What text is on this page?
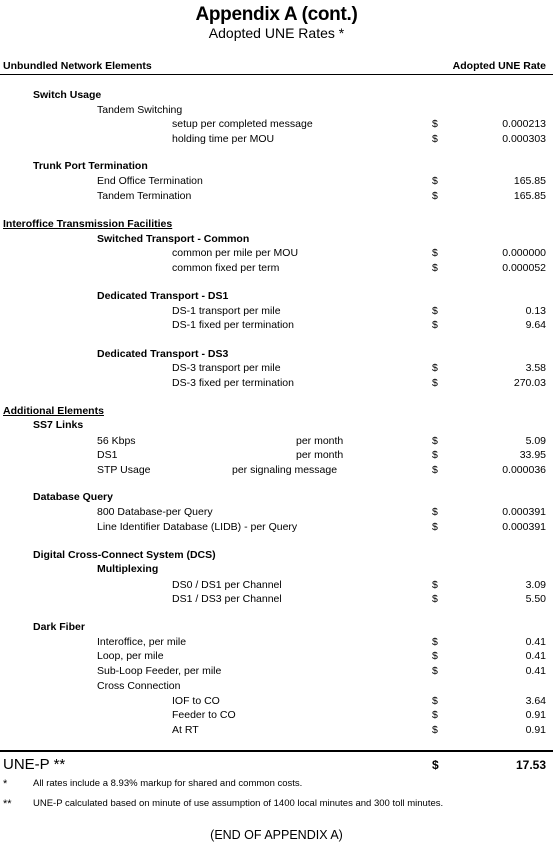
Appendix A (cont.)
Adopted UNE Rates *
Unbundled Network Elements	Adopted UNE Rate
Switch Usage
Tandem Switching
setup per completed message	$	0.000213
holding time per MOU	$	0.000303
Trunk Port Termination
End Office Termination	$	165.85
Tandem Termination	$	165.85
Interoffice Transmission Facilities
Switched Transport - Common
common per mile per MOU	$	0.000000
common fixed per term	$	0.000052
Dedicated Transport - DS1
DS-1 transport per mile	$	0.13
DS-1 fixed per termination	$	9.64
Dedicated Transport - DS3
DS-3 transport per mile	$	3.58
DS-3 fixed per termination	$	270.03
Additional Elements
SS7 Links
56 Kbps	per month	$	5.09
DS1	per month	$	33.95
STP Usage	per signaling message	$	0.000036
Database Query
800 Database-per Query	$	0.000391
Line Identifier Database (LIDB) - per Query	$	0.000391
Digital Cross-Connect System (DCS)
Multiplexing
DS0 / DS1 per Channel	$	3.09
DS1 / DS3 per Channel	$	5.50
Dark Fiber
Interoffice, per mile	$	0.41
Loop, per mile	$	0.41
Sub-Loop Feeder, per mile	$	0.41
Cross Connection
IOF to CO	$	3.64
Feeder to CO	$	0.91
At RT	$	0.91
UNE-P **	$	17.53
*	All rates include a 8.93% markup for shared and common costs.
** UNE-P calculated based on minute of use assumption of 1400 local minutes and 300 toll minutes.
(END OF APPENDIX A)
